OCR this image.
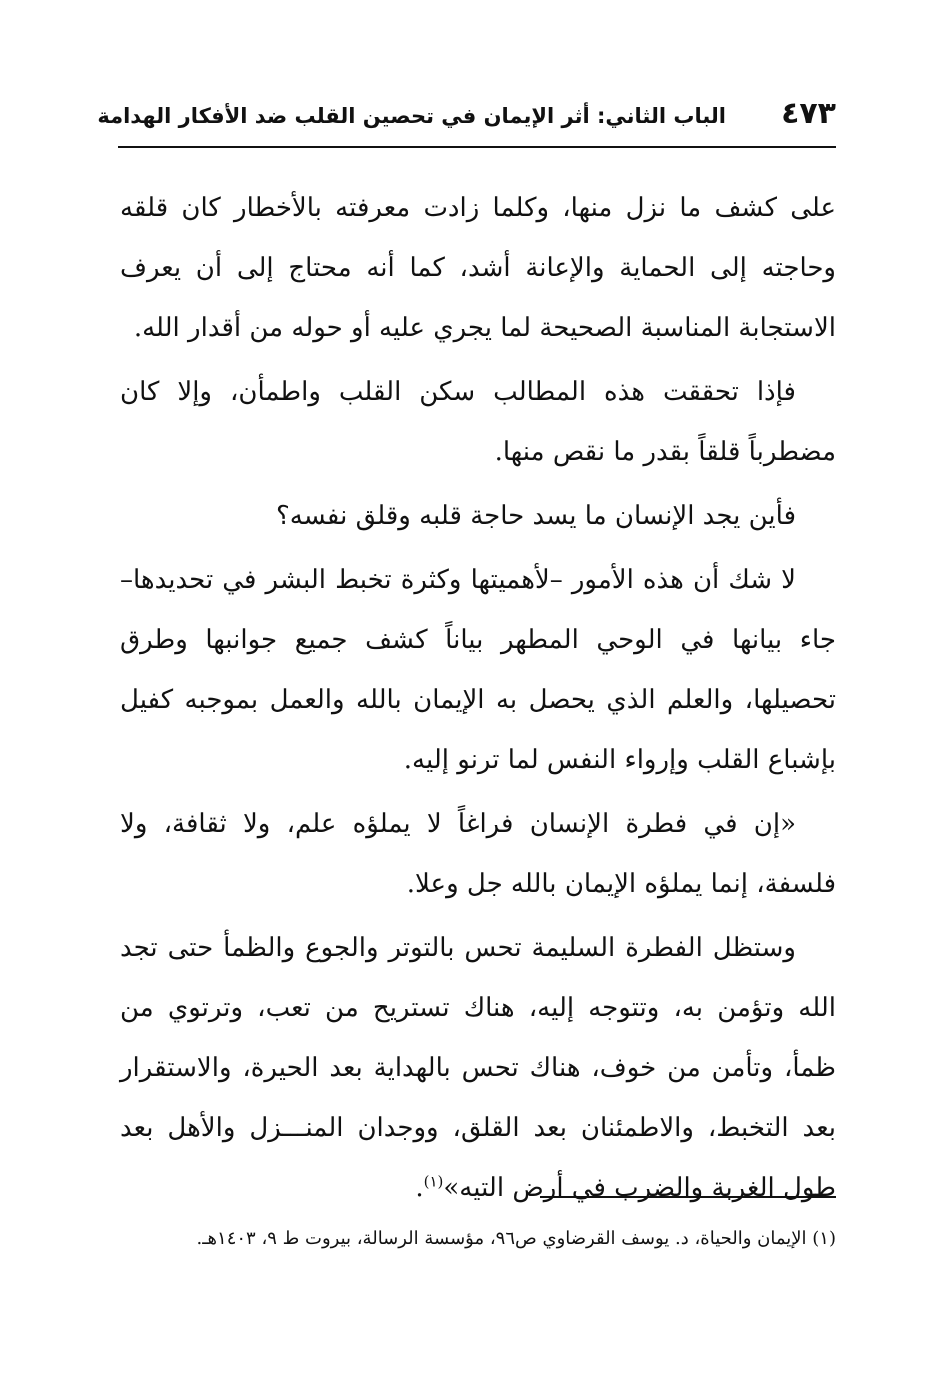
٤٧٣
الباب الثاني: أثر الإيمان في تحصين القلب ضد الأفكار الهدامة

على كشف ما نزل منها، وكلما زادت معرفته بالأخطار كان قلقه وحاجته إلى الحماية والإعانة أشد، كما أنه محتاج إلى أن يعرف الاستجابة المناسبة الصحيحة لما يجري عليه أو حوله من أقدار الله.

فإذا تحققت هذه المطالب سكن القلب واطمأن، وإلا كان مضطرباً قلقاً بقدر ما نقص منها.

فأين يجد الإنسان ما يسد حاجة قلبه وقلق نفسه؟

لا شك أن هذه الأمور –لأهميتها وكثرة تخبط البشر في تحديدها– جاء بيانها في الوحي المطهر بياناً كشف جميع جوانبها وطرق تحصيلها، والعلم الذي يحصل به الإيمان بالله والعمل بموجبه كفيل بإشباع القلب وإرواء النفس لما ترنو إليه.

«إن في فطرة الإنسان فراغاً لا يملؤه علم، ولا ثقافة، ولا فلسفة، إنما يملؤه الإيمان بالله جل وعلا.

وستظل الفطرة السليمة تحس بالتوتر والجوع والظمأ حتى تجد الله وتؤمن به، وتتوجه إليه، هناك تستريح من تعب، وترتوي من ظمأ، وتأمن من خوف، هناك تحس بالهداية بعد الحيرة، والاستقرار بعد التخبط، والاطمئنان بعد القلق، ووجدان المنـــزل والأهل بعد طول الغربة والضرب في أرض التيه»$^{(١)}$.

(١) الإيمان والحياة، د. يوسف القرضاوي ص٩٦، مؤسسة الرسالة، بيروت ط ٩، ١٤٠٣هـ.
